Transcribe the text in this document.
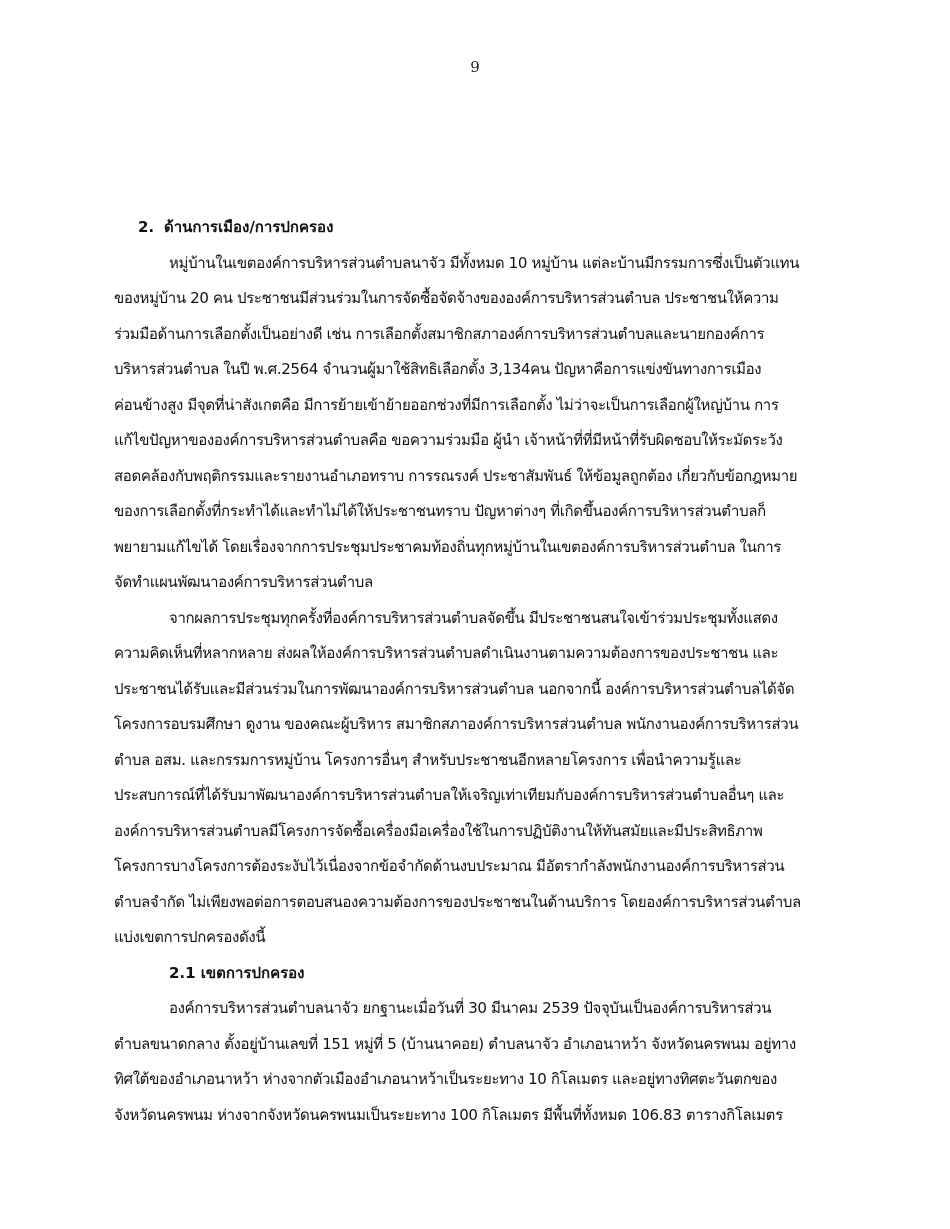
9
2. ด้านการเมือง/การปกครอง
หมู่บ้านในเขตองค์การบริหารส่วนตำบลนาจัว มีทั้งหมด 10 หมู่บ้าน แต่ละบ้านมีกรรมการซึ่งเป็นตัวแทน
ของหมู่บ้าน 20 คน ประชาชนมีส่วนร่วมในการจัดซื้อจัดจ้างขององค์การบริหารส่วนตำบล ประชาชนให้ความ
ร่วมมือด้านการเลือกตั้งเป็นอย่างดี เช่น การเลือกตั้งสมาชิกสภาองค์การบริหารส่วนตำบลและนายกองค์การ
บริหารส่วนตำบล ในปี พ.ศ.2564 จำนวนผู้มาใช้สิทธิเลือกตั้ง 3,134คน ปัญหาคือการแข่งขันทางการเมือง
ค่อนข้างสูง มีจุดที่น่าสังเกตคือ มีการย้ายเข้าย้ายออกช่วงที่มีการเลือกตั้ง ไม่ว่าจะเป็นการเลือกผู้ใหญ่บ้าน การ
แก้ไขปัญหาขององค์การบริหารส่วนตำบลคือ ขอความร่วมมือ ผู้นำ เจ้าหน้าที่ที่มีหน้าที่รับผิดชอบให้ระมัดระวัง
สอดคล้องกับพฤติกรรมและรายงานอำเภอทราบ การรณรงค์ ประชาสัมพันธ์ ให้ข้อมูลถูกต้อง เกี่ยวกับข้อกฎหมาย
ของการเลือกตั้งที่กระทำได้และทำไม่ได้ให้ประชาชนทราบ ปัญหาต่างๆ ที่เกิดขึ้นองค์การบริหารส่วนตำบลก็
พยายามแก้ไขได้ โดยเรื่องจากการประชุมประชาคมท้องถิ่นทุกหมู่บ้านในเขตองค์การบริหารส่วนตำบล ในการ
จัดทำแผนพัฒนาองค์การบริหารส่วนตำบล
จากผลการประชุมทุกครั้งที่องค์การบริหารส่วนตำบลจัดขึ้น มีประชาชนสนใจเข้าร่วมประชุมทั้งแสดง
ความคิดเห็นที่หลากหลาย ส่งผลให้องค์การบริหารส่วนตำบลดำเนินงานตามความต้องการของประชาชน และ
ประชาชนได้รับและมีส่วนร่วมในการพัฒนาองค์การบริหารส่วนตำบล นอกจากนี้ องค์การบริหารส่วนตำบลได้จัด
โครงการอบรมศึกษา ดูงาน ของคณะผู้บริหาร สมาชิกสภาองค์การบริหารส่วนตำบล พนักงานองค์การบริหารส่วน
ตำบล อสม. และกรรมการหมู่บ้าน โครงการอื่นๆ สำหรับประชาชนอีกหลายโครงการ เพื่อนำความรู้และ
ประสบการณ์ที่ได้รับมาพัฒนาองค์การบริหารส่วนตำบลให้เจริญเท่าเทียมกับองค์การบริหารส่วนตำบลอื่นๆ และ
องค์การบริหารส่วนตำบลมีโครงการจัดซื้อเครื่องมือเครื่องใช้ในการปฏิบัติงานให้ทันสมัยและมีประสิทธิภาพ
โครงการบางโครงการต้องระงับไว้เนื่องจากข้อจำกัดด้านงบประมาณ มีอัตรากำลังพนักงานองค์การบริหารส่วน
ตำบลจำกัด ไม่เพียงพอต่อการตอบสนองความต้องการของประชาชนในด้านบริการ โดยองค์การบริหารส่วนตำบล
แบ่งเขตการปกครองดังนี้
2.1 เขตการปกครอง
องค์การบริหารส่วนตำบลนาจัว ยกฐานะเมื่อวันที่ 30 มีนาคม 2539 ปัจจุบันเป็นองค์การบริหารส่วน
ตำบลขนาดกลาง ตั้งอยู่บ้านเลขที่ 151 หมู่ที่ 5 (บ้านนาคอย) ตำบลนาจัว อำเภอนาหว้า จังหวัดนครพนม อยู่ทาง
ทิศใต้ของอำเภอนาหว้า ห่างจากตัวเมืองอำเภอนาหว้าเป็นระยะทาง 10 กิโลเมตร และอยู่ทางทิศตะวันตกของ
จังหวัดนครพนม ห่างจากจังหวัดนครพนมเป็นระยะทาง 100 กิโลเมตร มีพื้นที่ทั้งหมด 106.83 ตารางกิโลเมตร
